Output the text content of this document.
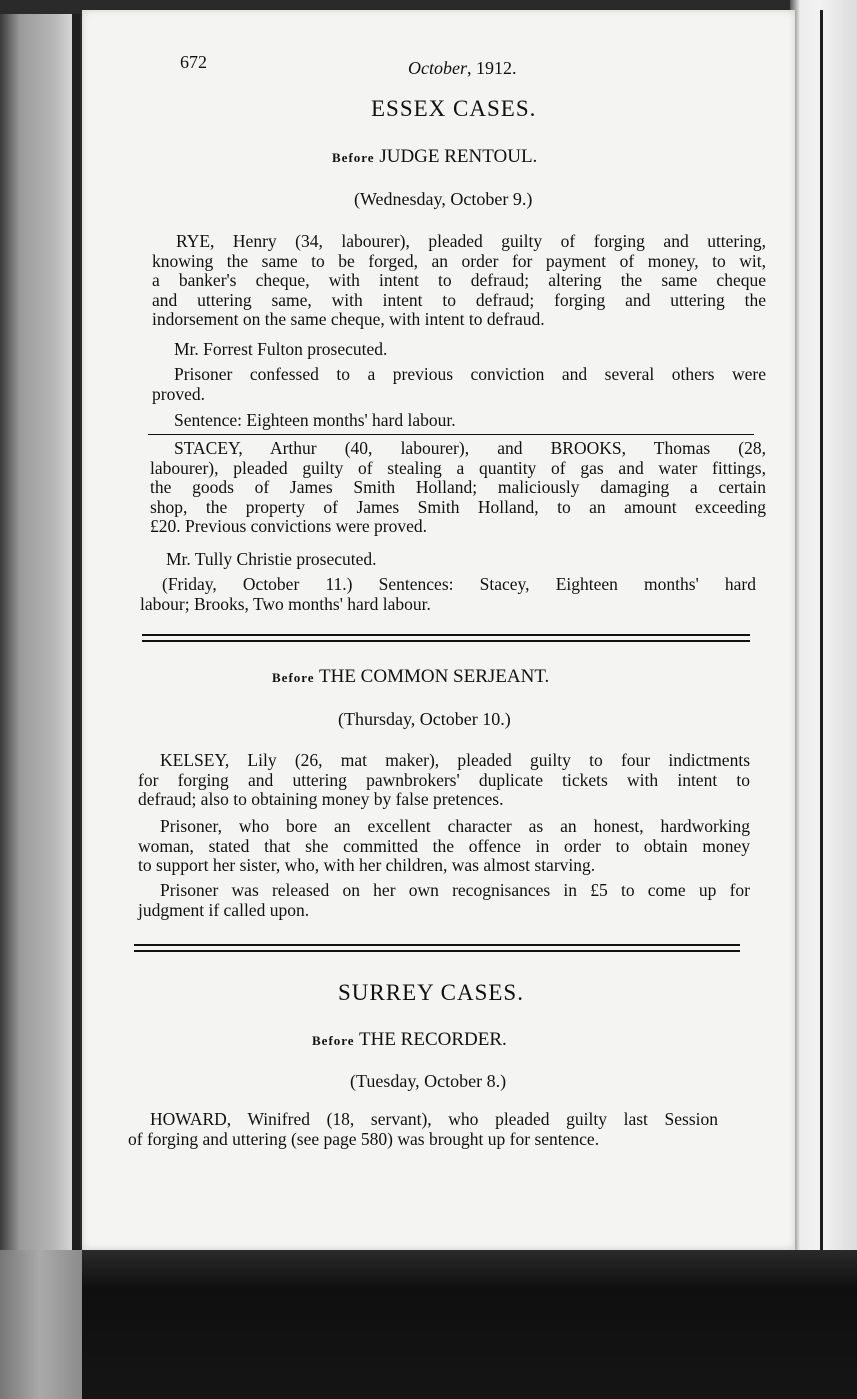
672	October, 1912.
ESSEX CASES.
Before JUDGE RENTOUL.
(Wednesday, October 9.)
RYE, Henry (34, labourer), pleaded guilty of forging and uttering,
knowing the same to be forged, an order for payment of money, to wit,
a banker's cheque, with intent to defraud; altering the same cheque
and uttering same, with intent to defraud; forging and uttering the
indorsement on the same cheque, with intent to defraud.
Mr. Forrest Fulton prosecuted.
Prisoner confessed to a previous conviction and several others were
proved.
Sentence: Eighteen months' hard labour.
STACEY, Arthur (40, labourer), and BROOKS, Thomas (28,
labourer), pleaded guilty of stealing a quantity of gas and water fittings,
the goods of James Smith Holland; maliciously damaging a certain
shop, the property of James Smith Holland, to an amount exceeding
£20. Previous convictions were proved.
Mr. Tully Christie prosecuted.
(Friday, October 11.) Sentences: Stacey, Eighteen months' hard
labour; Brooks, Two months' hard labour.
Before THE COMMON SERJEANT.
(Thursday, October 10.)
KELSEY, Lily (26, mat maker), pleaded guilty to four indictments
for forging and uttering pawnbrokers' duplicate tickets with intent to
defraud; also to obtaining money by false pretences.
Prisoner, who bore an excellent character as an honest, hardworking
woman, stated that she committed the offence in order to obtain money
to support her sister, who, with her children, was almost starving.
Prisoner was released on her own recognisances in £5 to come up for
judgment if called upon.
SURREY CASES.
Before THE RECORDER.
(Tuesday, October 8.)
HOWARD, Winifred (18, servant), who pleaded guilty last Session
of forging and uttering (see page 580) was brought up for sentence.
